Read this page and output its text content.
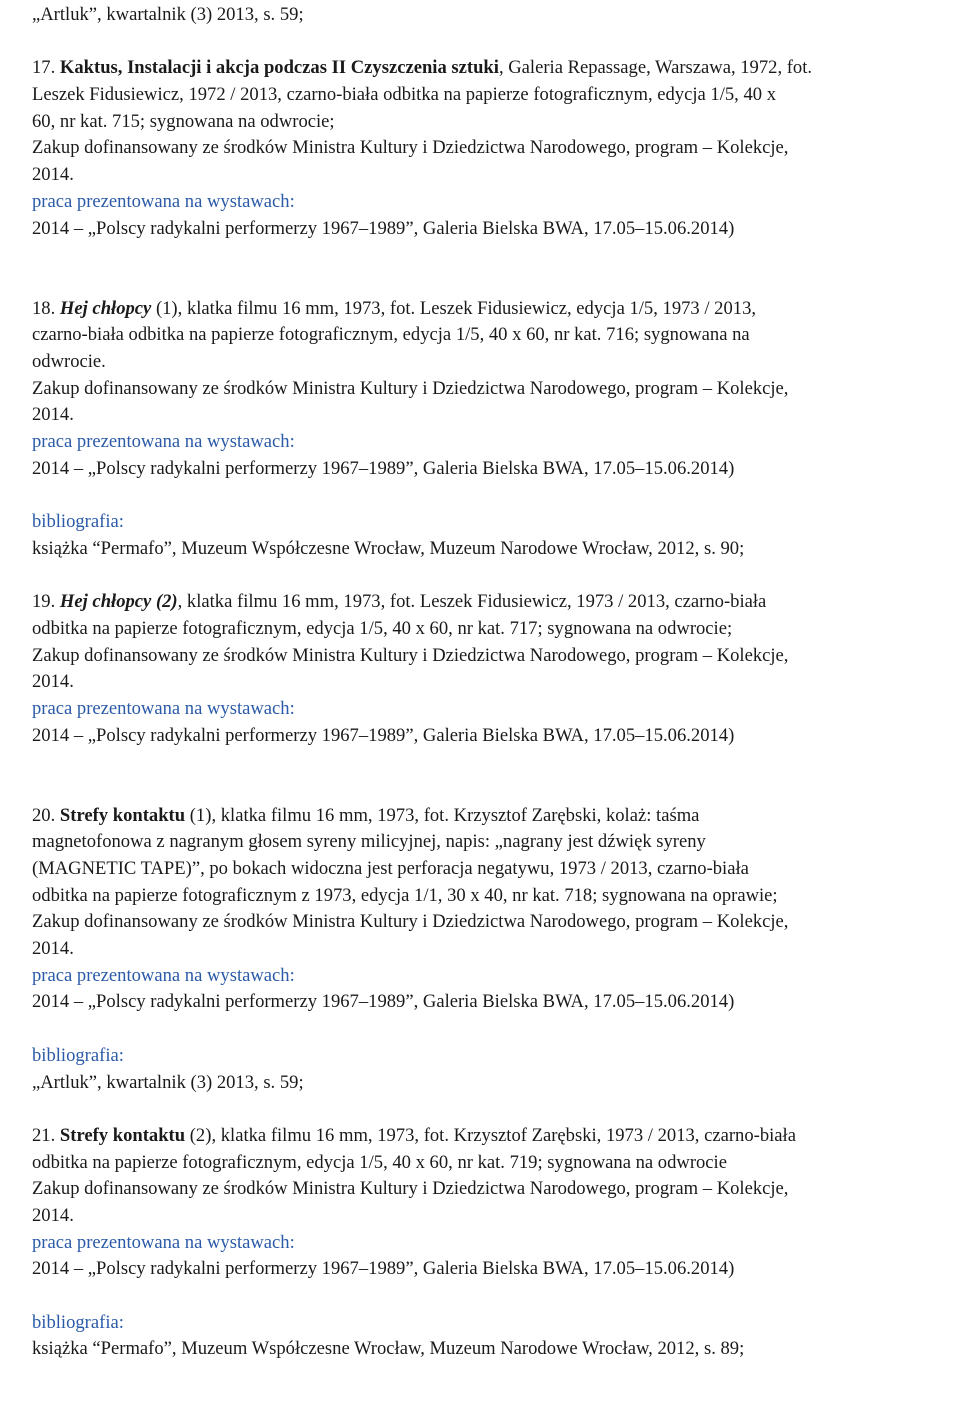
„Artluk”, kwartalnik (3) 2013, s. 59;
17. Kaktus, Instalacji i akcja podczas II Czyszczenia sztuki, Galeria Repassage, Warszawa, 1972, fot.
Leszek Fidusiewicz, 1972 / 2013, czarno-biała odbitka na papierze fotograficznym, edycja 1/5, 40 x
60, nr kat. 715; sygnowana na odwrocie;
Zakup dofinansowany ze środków Ministra Kultury i Dziedzictwa Narodowego, program – Kolekcje,
2014.
praca prezentowana na wystawach:
2014 – „Polscy radykalni performerzy 1967–1989”, Galeria Bielska BWA, 17.05–15.06.2014)
18. Hej chłopcy (1), klatka filmu 16 mm, 1973, fot. Leszek Fidusiewicz, edycja 1/5, 1973 / 2013,
czarno-biała odbitka na papierze fotograficznym, edycja 1/5, 40 x 60, nr kat. 716; sygnowana na
odwrocie.
Zakup dofinansowany ze środków Ministra Kultury i Dziedzictwa Narodowego, program – Kolekcje,
2014.
praca prezentowana na wystawach:
2014 – „Polscy radykalni performerzy 1967–1989”, Galeria Bielska BWA, 17.05–15.06.2014)
bibliografia:
książka “Permafo”, Muzeum Współczesne Wrocław, Muzeum Narodowe Wrocław, 2012, s. 90;
19. Hej chłopcy (2), klatka filmu 16 mm, 1973, fot. Leszek Fidusiewicz, 1973 / 2013, czarno-biała
odbitka na papierze fotograficznym, edycja 1/5, 40 x 60, nr kat. 717; sygnowana na odwrocie;
Zakup dofinansowany ze środków Ministra Kultury i Dziedzictwa Narodowego, program – Kolekcje,
2014.
praca prezentowana na wystawach:
2014 – „Polscy radykalni performerzy 1967–1989”, Galeria Bielska BWA, 17.05–15.06.2014)
20. Strefy kontaktu (1), klatka filmu 16 mm, 1973, fot. Krzysztof Zarębski, kolaż: taśma
magnetofonowa z nagranym głosem syreny milicyjnej, napis: „nagrany jest dźwięk syreny
(MAGNETIC TAPE)”, po bokach widoczna jest perforacja negatywu, 1973 / 2013, czarno-biała
odbitka na papierze fotograficznym z 1973, edycja 1/1, 30 x 40, nr kat. 718; sygnowana na oprawie;
Zakup dofinansowany ze środków Ministra Kultury i Dziedzictwa Narodowego, program – Kolekcje,
2014.
praca prezentowana na wystawach:
2014 – „Polscy radykalni performerzy 1967–1989”, Galeria Bielska BWA, 17.05–15.06.2014)
bibliografia:
„Artluk”, kwartalnik (3) 2013, s. 59;
21. Strefy kontaktu (2), klatka filmu 16 mm, 1973, fot. Krzysztof Zarębski, 1973 / 2013, czarno-biała
odbitka na papierze fotograficznym, edycja 1/5, 40 x 60, nr kat. 719; sygnowana na odwrocie
Zakup dofinansowany ze środków Ministra Kultury i Dziedzictwa Narodowego, program – Kolekcje,
2014.
praca prezentowana na wystawach:
2014 – „Polscy radykalni performerzy 1967–1989”, Galeria Bielska BWA, 17.05–15.06.2014)
bibliografia:
książka “Permafo”, Muzeum Współczesne Wrocław, Muzeum Narodowe Wrocław, 2012, s. 89;
